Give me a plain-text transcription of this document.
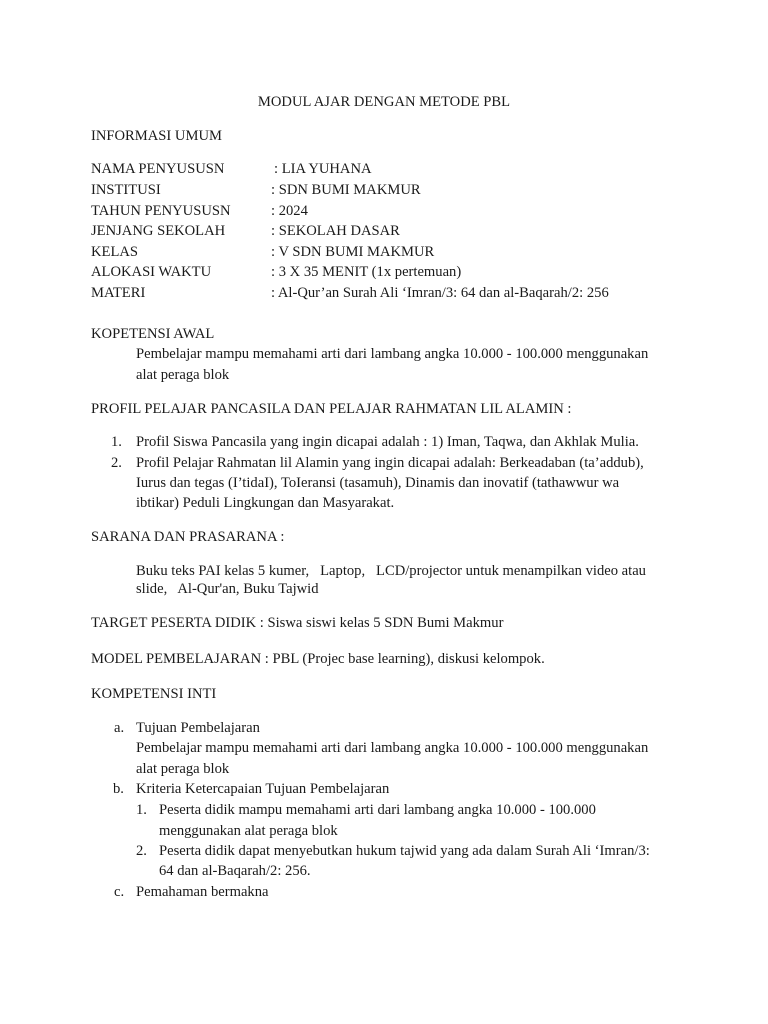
MODUL AJAR DENGAN METODE PBL
INFORMASI UMUM
NAMA PENYUSUSN	: LIA YUHANA
INSTITUSI	: SDN BUMI MAKMUR
TAHUN PENYUSUSN	: 2024
JENJANG SEKOLAH	: SEKOLAH DASAR
KELAS	: V SDN BUMI MAKMUR
ALOKASI WAKTU	: 3 X 35 MENIT (1x pertemuan)
MATERI	: Al-Qur’an Surah Ali ‘Imran/3: 64 dan al-Baqarah/2: 256
KOPETENSI AWAL
Pembelajar mampu memahami arti dari lambang angka 10.000 - 100.000 menggunakan
alat peraga blok
PROFIL PELAJAR PANCASILA DAN PELAJAR RAHMATAN LIL ALAMIN :
1. Profil Siswa Pancasila yang ingin dicapai adalah : 1) Iman, Taqwa, dan Akhlak Mulia.
2. Profil Pelajar Rahmatan lil Alamin yang ingin dicapai adalah: Berkeadaban (ta’addub),
Iurus dan tegas (I’tidaI), ToIeransi (tasamuh), Dinamis dan inovatif (tathawwur wa
ibtikar) Peduli Lingkungan dan Masyarakat.
SARANA DAN PRASARANA :
Buku teks PAI kelas 5 kumer,   Laptop,   LCD/projector untuk menampilkan video atau
slide,   Al-Qur'an, Buku Tajwid
TARGET PESERTA DIDIK : Siswa siswi kelas 5 SDN Bumi Makmur
MODEL PEMBELAJARAN : PBL (Projec base learning), diskusi kelompok.
KOMPETENSI INTI
a. Tujuan Pembelajaran
Pembelajar mampu memahami arti dari lambang angka 10.000 - 100.000 menggunakan
alat peraga blok
b. Kriteria Ketercapaian Tujuan Pembelajaran
1. Peserta didik mampu memahami arti dari lambang angka 10.000 - 100.000
menggunakan alat peraga blok
2. Peserta didik dapat menyebutkan hukum tajwid yang ada dalam Surah Ali ‘Imran/3:
64 dan al-Baqarah/2: 256.
c. Pemahaman bermakna
